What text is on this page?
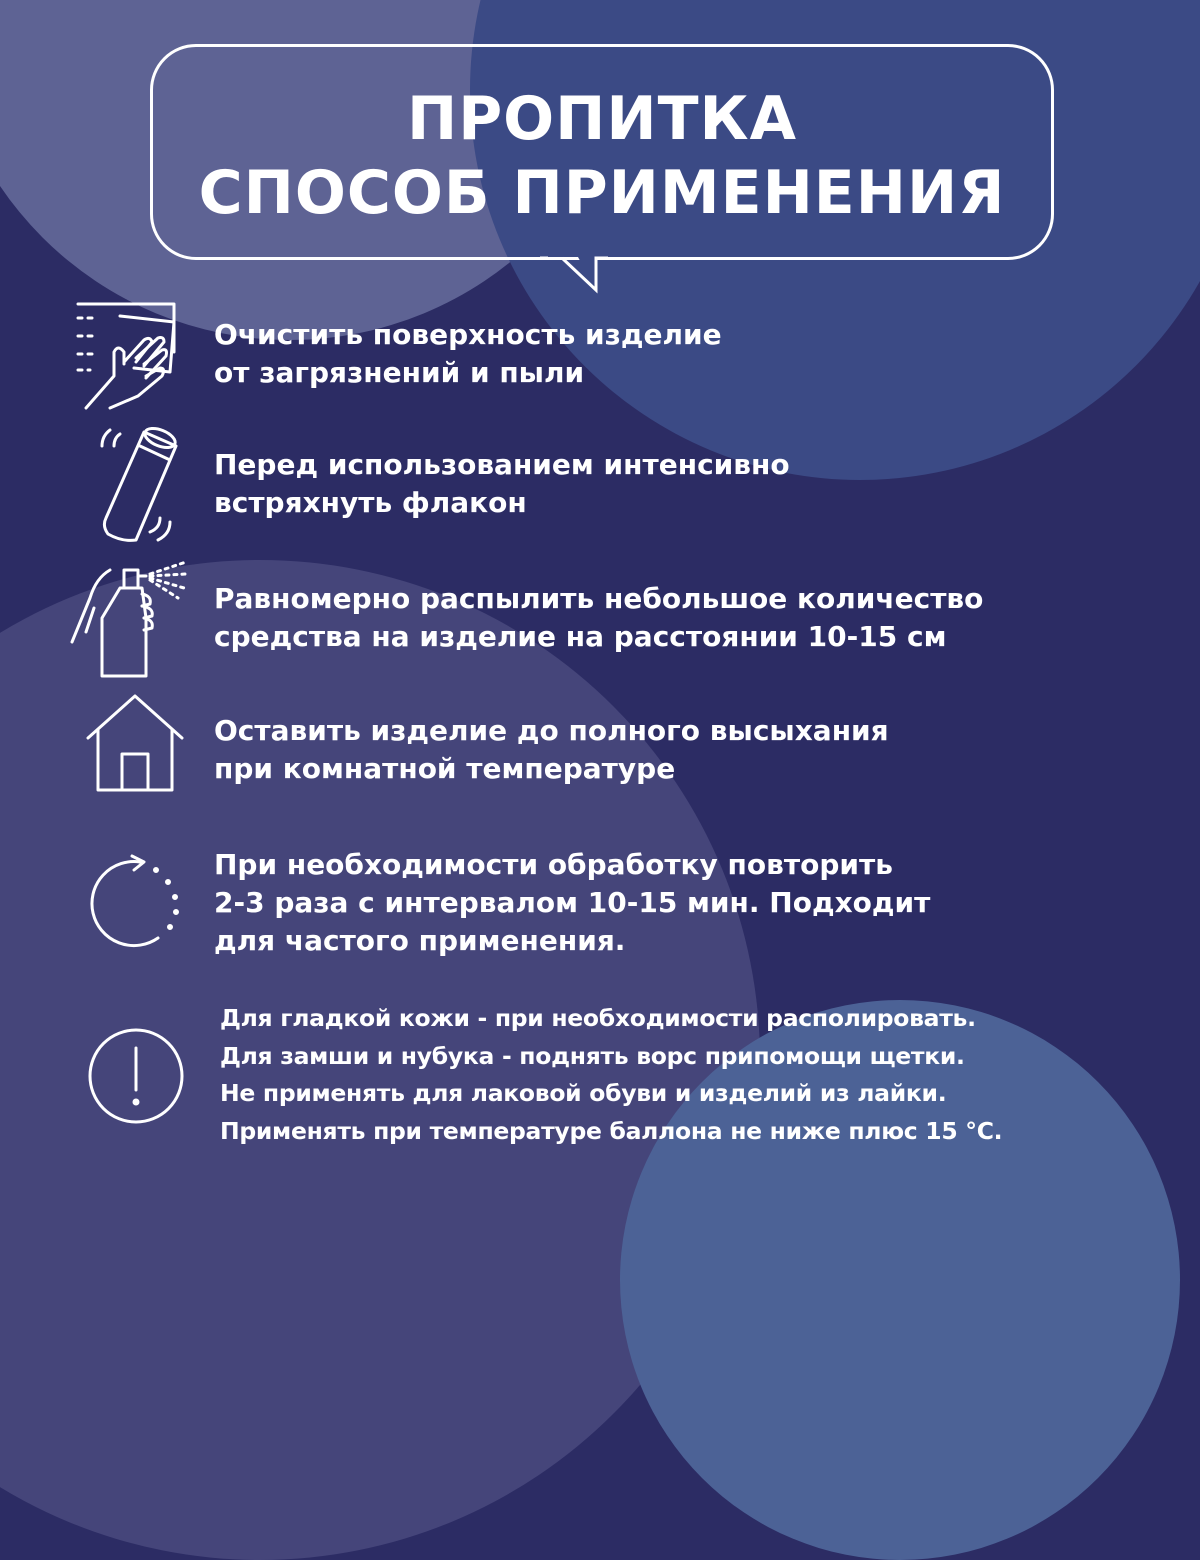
ПРОПИТКА
СПОСОБ ПРИМЕНЕНИЯ
Очистить поверхность изделие
от загрязнений и пыли
Перед использованием интенсивно
встряхнуть флакон
Равномерно распылить небольшое количество
средства на изделие на расстоянии 10-15 см
Оставить изделие до полного высыхания
при комнатной температуре
При необходимости обработку повторить
2-3 раза с интервалом 10-15 мин. Подходит
для частого применения.
Для гладкой кожи - при необходимости располировать.
Для замши и нубука - поднять ворс припомощи щетки.
Не применять для лаковой обуви и изделий из лайки.
Применять при температуре баллона не ниже плюс 15 °С.
